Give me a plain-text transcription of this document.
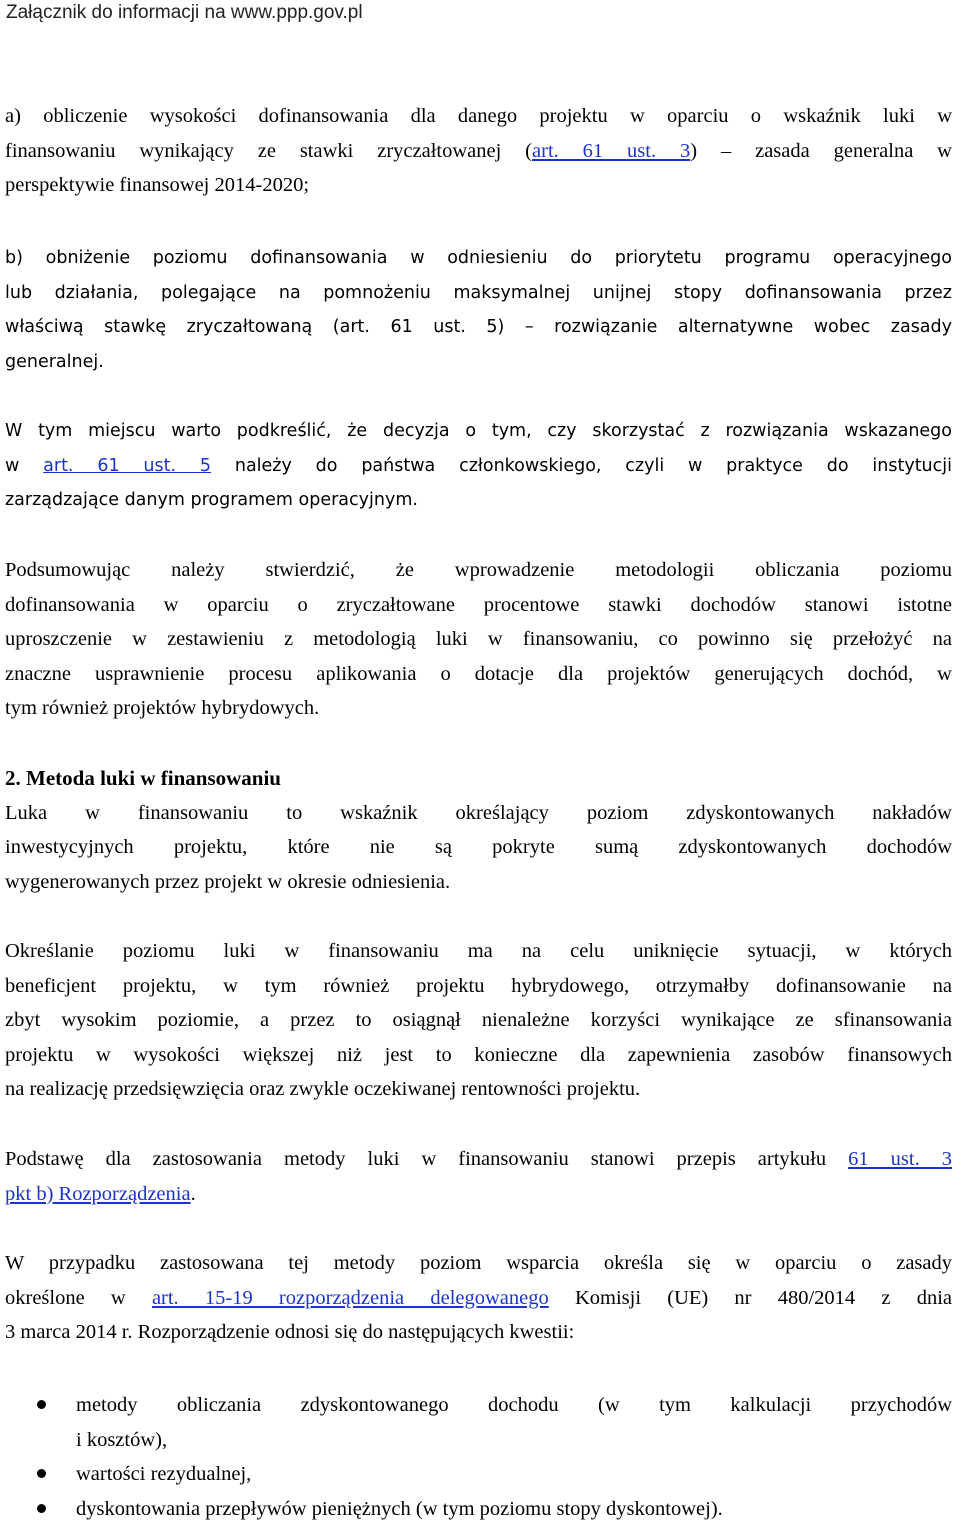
Załącznik do informacji na www.ppp.gov.pl
a) obliczenie wysokości dofinansowania dla danego projektu w oparciu o wskaźnik luki w
finansowaniu wynikający ze stawki zryczałtowanej (art. 61 ust. 3) – zasada generalna w
perspektywie finansowej 2014-2020;
b) obniżenie poziomu dofinansowania w odniesieniu do priorytetu programu operacyjnego
lub działania, polegające na pomnożeniu maksymalnej unijnej stopy dofinansowania przez
właściwą stawkę zryczałtowaną (art. 61 ust. 5) – rozwiązanie alternatywne wobec zasady
generalnej.
W tym miejscu warto podkreślić, że decyzja o tym, czy skorzystać z rozwiązania wskazanego
w art. 61 ust. 5 należy do państwa członkowskiego, czyli w praktyce do instytucji
zarządzające danym programem operacyjnym.
Podsumowując należy stwierdzić, że wprowadzenie metodologii obliczania poziomu
dofinansowania w oparciu o zryczałtowane procentowe stawki dochodów stanowi istotne
uproszczenie w zestawieniu z metodologią luki w finansowaniu, co powinno się przełożyć na
znaczne usprawnienie procesu aplikowania o dotacje dla projektów generujących dochód, w
tym również projektów hybrydowych.
2. Metoda luki w finansowaniu
Luka w finansowaniu to wskaźnik określający poziom zdyskontowanych nakładów
inwestycyjnych projektu, które nie są pokryte sumą zdyskontowanych dochodów
wygenerowanych przez projekt w okresie odniesienia.
Określanie poziomu luki w finansowaniu ma na celu uniknięcie sytuacji, w których
beneficjent projektu, w tym również projektu hybrydowego, otrzymałby dofinansowanie na
zbyt wysokim poziomie, a przez to osiągnął nienależne korzyści wynikające ze sfinansowania
projektu w wysokości większej niż jest to konieczne dla zapewnienia zasobów finansowych
na realizację przedsięwzięcia oraz zwykle oczekiwanej rentowności projektu.
Podstawę dla zastosowania metody luki w finansowaniu stanowi przepis artykułu 61 ust. 3
pkt b) Rozporządzenia.
W przypadku zastosowana tej metody poziom wsparcia określa się w oparciu o zasady
określone w art. 15-19 rozporządzenia delegowanego Komisji (UE) nr 480/2014 z dnia
3 marca 2014 r. Rozporządzenie odnosi się do następujących kwestii:
metody obliczania zdyskontowanego dochodu (w tym kalkulacji przychodów
i kosztów),
wartości rezydualnej,
dyskontowania przepływów pieniężnych (w tym poziomu stopy dyskontowej).
